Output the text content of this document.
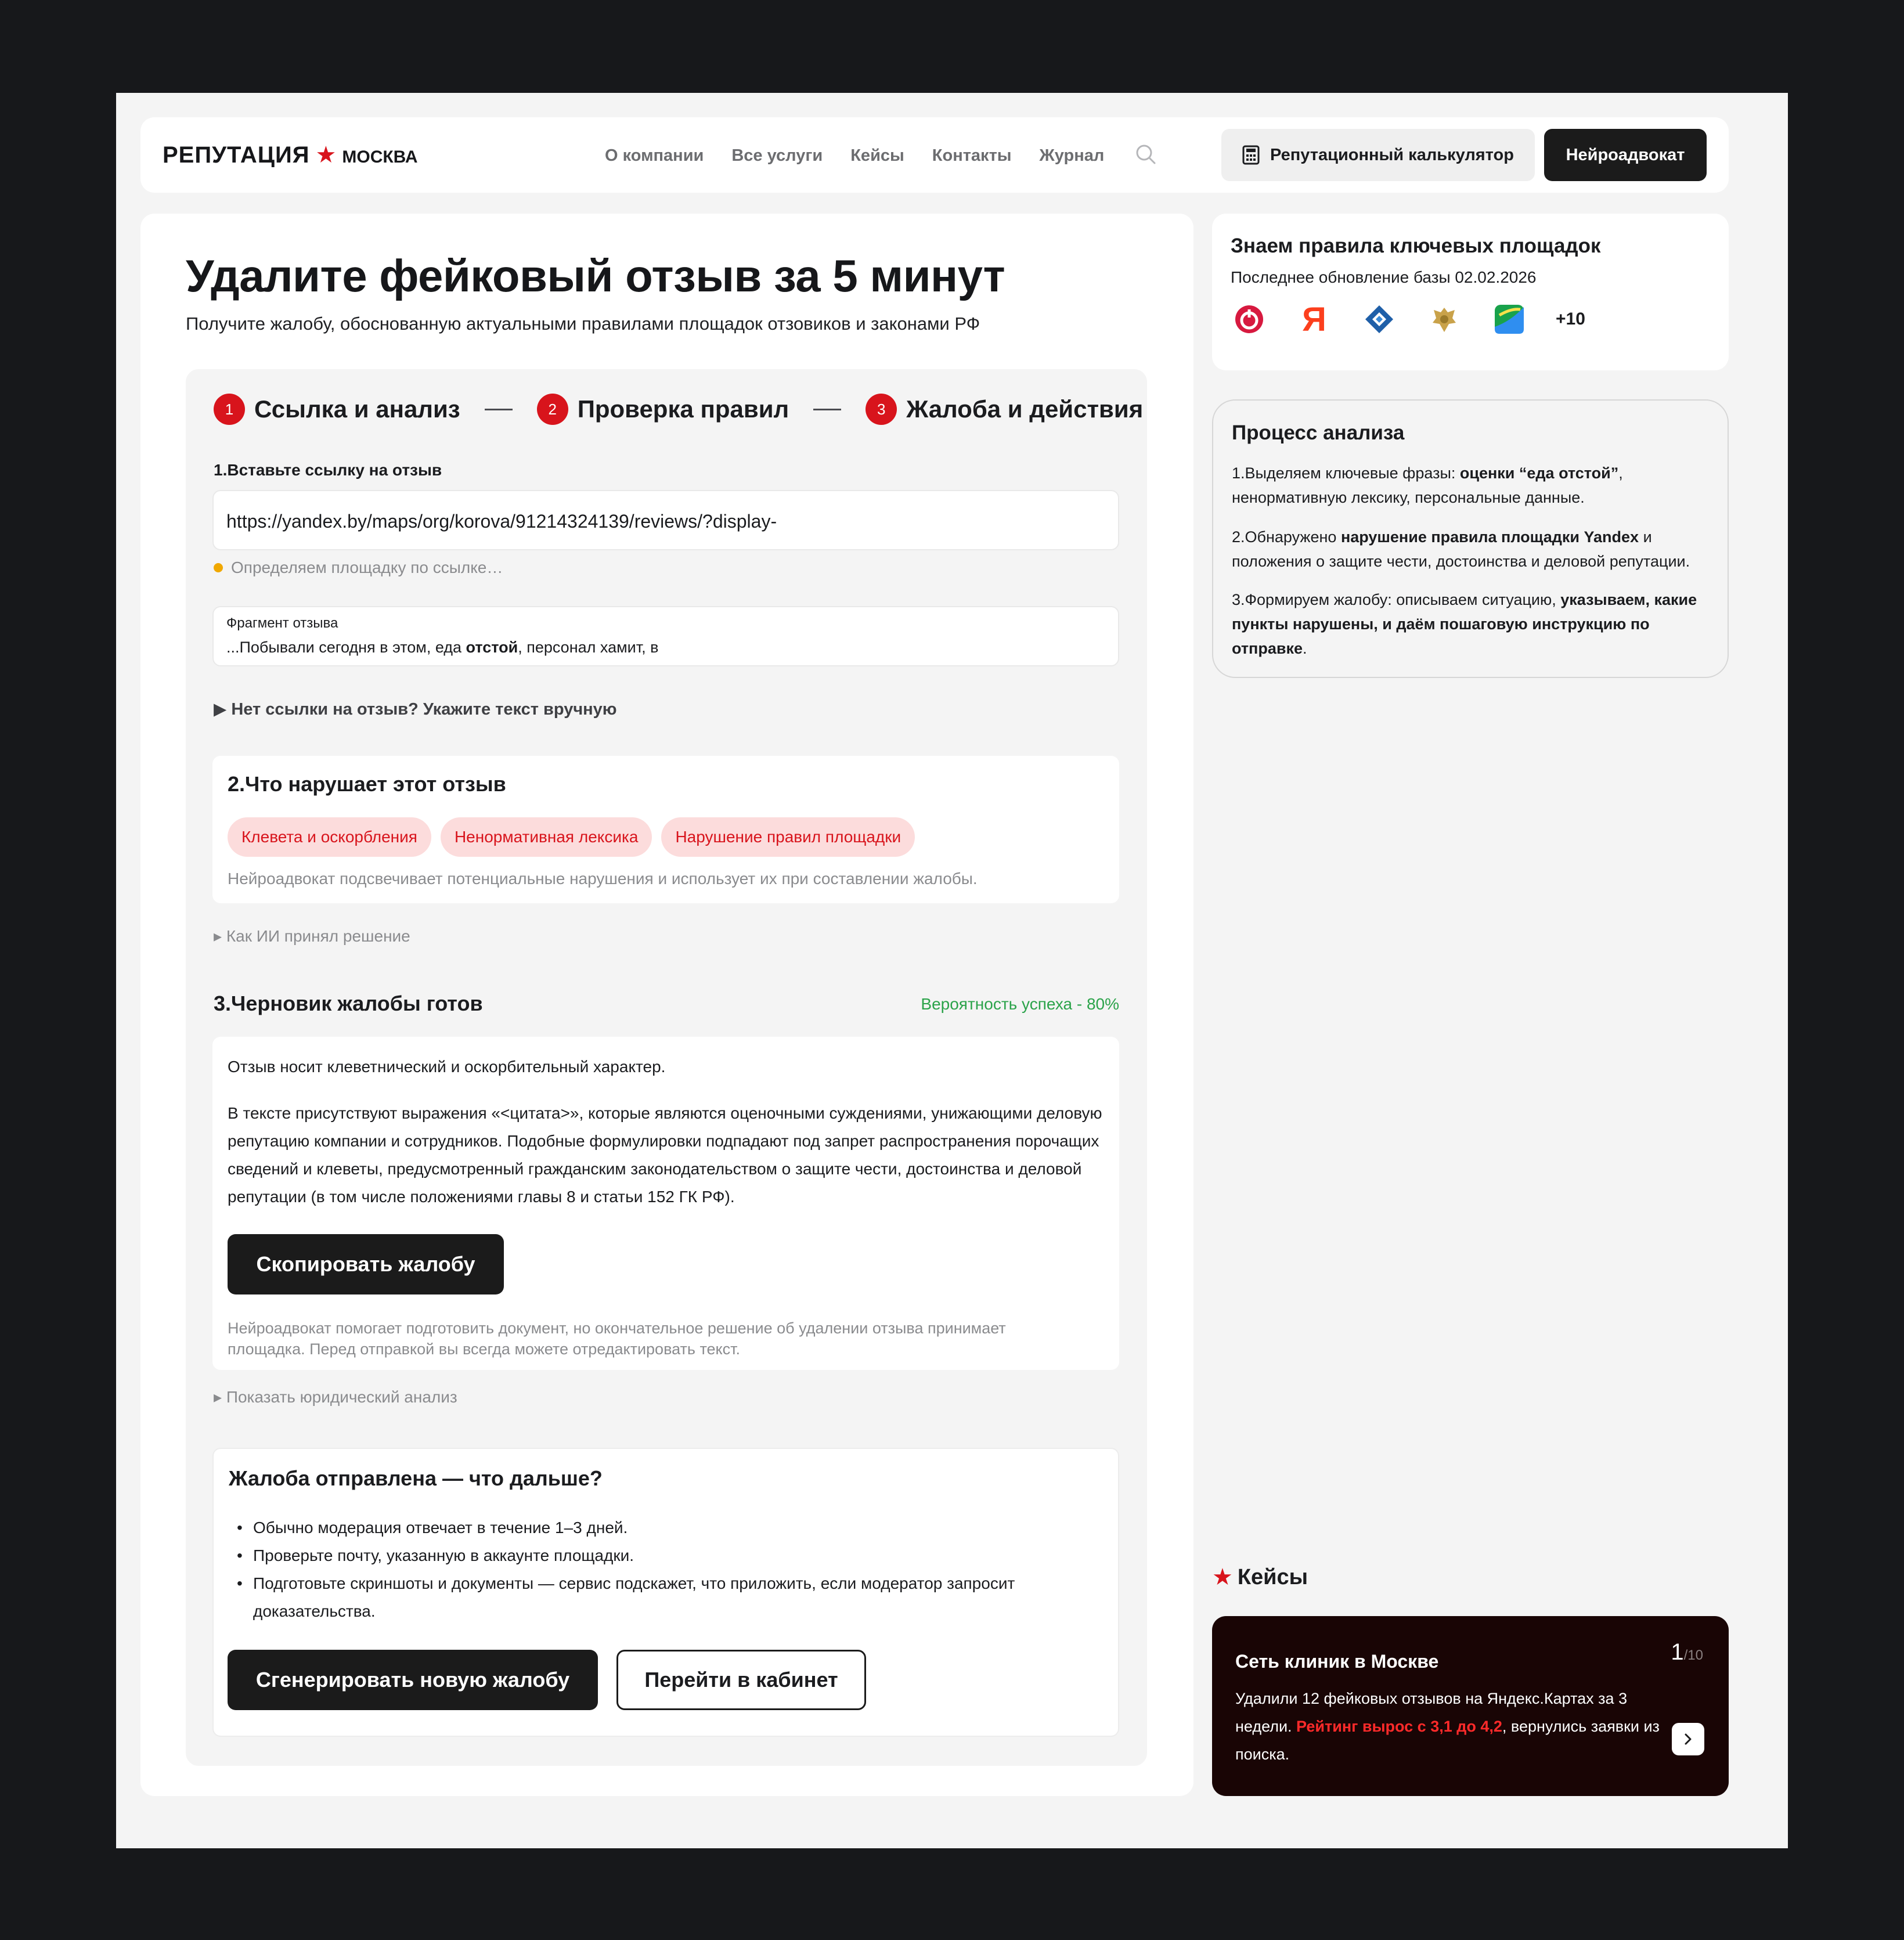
РЕПУТАЦИЯ ★ МОСКВА	О компании Все услуги Кейсы Контакты Журнал	Репутационный калькулятор	Нейроадвокат
Удалите фейковый отзыв за 5 минут

Получите жалобу, обоснованную актуальными правилами площадок отзовиков и законами РФ

1 Ссылка и анализ	2 Проверка правил	3 Жалоба и действия
1.Вставьте ссылку на отзыв
https://yandex.by/maps/org/korova/91214324139/reviews/?display-
Определяем площадку по ссылке…
Фрагмент отзыва
...Побывали сегодня в этом, еда отстой, персонал хамит, в
▶ Нет ссылки на отзыв? Укажите текст вручную
2.Что нарушает этот отзыв
Клевета и оскорбления	Ненормативная лексика	Нарушение правил площадки
Нейроадвокат подсвечивает потенциальные нарушения и использует их при составлении жалобы.
▸ Как ИИ принял решение
3.Черновик жалобы готов	Вероятность успеха - 80%

Отзыв носит клеветнический и оскорбительный характер.

В тексте присутствуют выражения «<цитата>», которые являются оценочными суждениями, унижающими деловую репутацию компании и сотрудников. Подобные формулировки подпадают под запрет распространения порочащих сведений и клеветы, предусмотренный гражданским законодательством о защите чести, достоинства и деловой репутации (в том числе положениями главы 8 и статьи 152 ГК РФ).

Скопировать жалобу

Нейроадвокат помогает подготовить документ, но окончательное решение об удалении отзыва принимает площадка. Перед отправкой вы всегда можете отредактировать текст.

▸ Показать юридический анализ
Жалоба отправлена — что дальше?
• Обычно модерация отвечает в течение 1–3 дней.
• Проверьте почту, указанную в аккаунте площадки.
• Подготовьте скриншоты и документы — сервис подскажет, что приложить, если модератор запросит доказательства.
Сгенерировать новую жалобу	Перейти в кабинет
Знаем правила ключевых площадок
Последнее обновление базы 02.02.2026
Я	+10
Процесс анализа

1.Выделяем ключевые фразы: оценки “еда отстой”, ненормативную лексику, персональные данные.

2.Обнаружено нарушение правила площадки Yandex и положения о защите чести, достоинства и деловой репутации.

3.Формируем жалобу: описываем ситуацию, указываем, какие пункты нарушены, и даём пошаговую инструкцию по отправке.

★ Кейсы
Сеть клиник в Москве	1/10

Удалили 12 фейковых отзывов на Яндекс.Картах за 3 недели. Рейтинг вырос с 3,1 до 4,2, вернулись заявки из поиска.
